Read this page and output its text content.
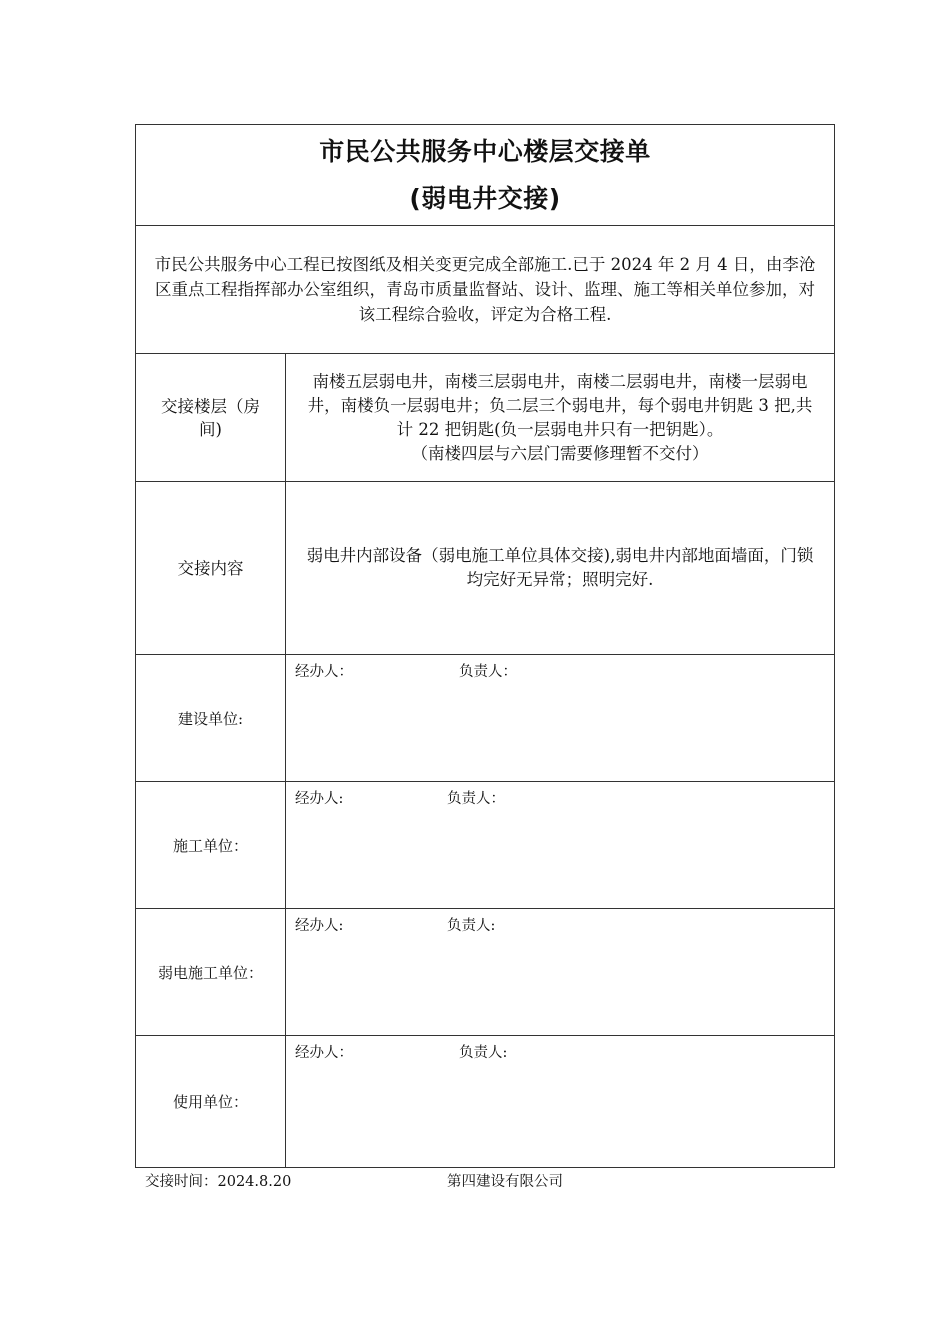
市民公共服务中心楼层交接单
(弱电井交接)	

市民公共服务中心工程已按图纸及相关变更完成全部施工.已于 2024 年 2 月 4 日，由李沧区重点工程指挥部办公室组织，青岛市质量监督站、设计、监理、施工等相关单位参加，对该工程综合验收，评定为合格工程.	

交接楼层（房间)	南楼五层弱电井，南楼三层弱电井，南楼二层弱电井，南楼一层弱电井，南楼负一层弱电井；负二层三个弱电井，每个弱电井钥匙 3 把,共计 22 把钥匙(负一层弱电井只有一把钥匙）。
（南楼四层与六层门需要修理暂不交付）

交接内容	弱电井内部设备（弱电施工单位具体交接),弱电井内部地面墙面，门锁均完好无异常；照明完好.

建设单位:	经办人： 负责人：

施工单位：	经办人: 负责人：

弱电施工单位：	经办人: 负责人:

使用单位：	经办人： 负责人:
交接时间：2024.8.20	第四建设有限公司
